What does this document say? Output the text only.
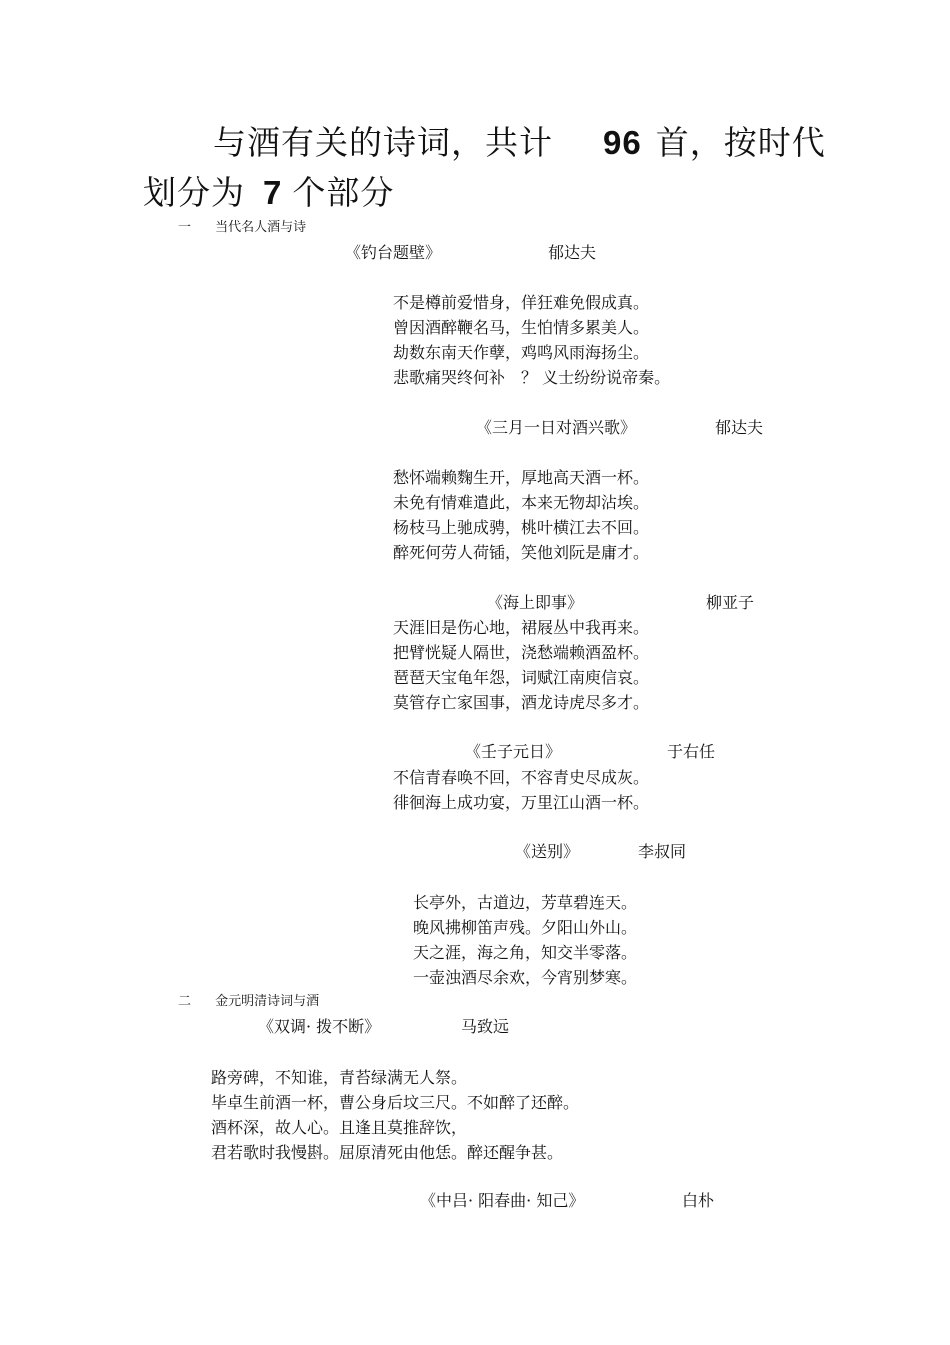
与酒有关的诗词，共计 96 首，按时代
划分为 7 个部分
一 当代名人酒与诗
《钓台题壁》	郁达夫
不是樽前爱惜身，佯狂难免假成真。
曾因酒醉鞭名马，生怕情多累美人。
劫数东南天作孽，鸡鸣风雨海扬尘。
悲歌痛哭终何补　？ 义士纷纷说帝秦。
《三月一日对酒兴歌》	郁达夫
愁怀端赖麴生开，厚地高天酒一杯。
未免有情难遣此，本来无物却沾埃。
杨枝马上驰成骋，桃叶横江去不回。
醉死何劳人荷锸，笑他刘阮是庸才。
《海上即事》	柳亚子
天涯旧是伤心地，裙屐丛中我再来。
把臂恍疑人隔世，浇愁端赖酒盈杯。
琶琶天宝龟年怨，词赋江南庾信哀。
莫管存亡家国事，酒龙诗虎尽多才。
《壬子元日》	于右任
不信青春唤不回，不容青史尽成灰。
徘徊海上成功宴，万里江山酒一杯。
《送别》	李叔同
长亭外，古道边，芳草碧连天。
晚风拂柳笛声残。夕阳山外山。
天之涯，海之角，知交半零落。
一壶浊酒尽余欢，今宵别梦寒。
二 金元明清诗词与酒
《双调· 拨不断》	马致远
路旁碑，不知谁，青苔绿满无人祭。
毕卓生前酒一杯，曹公身后坟三尺。不如醉了还醉。
酒杯深，故人心。且逢且莫推辞饮，
君若歌时我慢斟。屈原清死由他恁。醉还醒争甚。
《中吕· 阳春曲· 知己》	白朴
